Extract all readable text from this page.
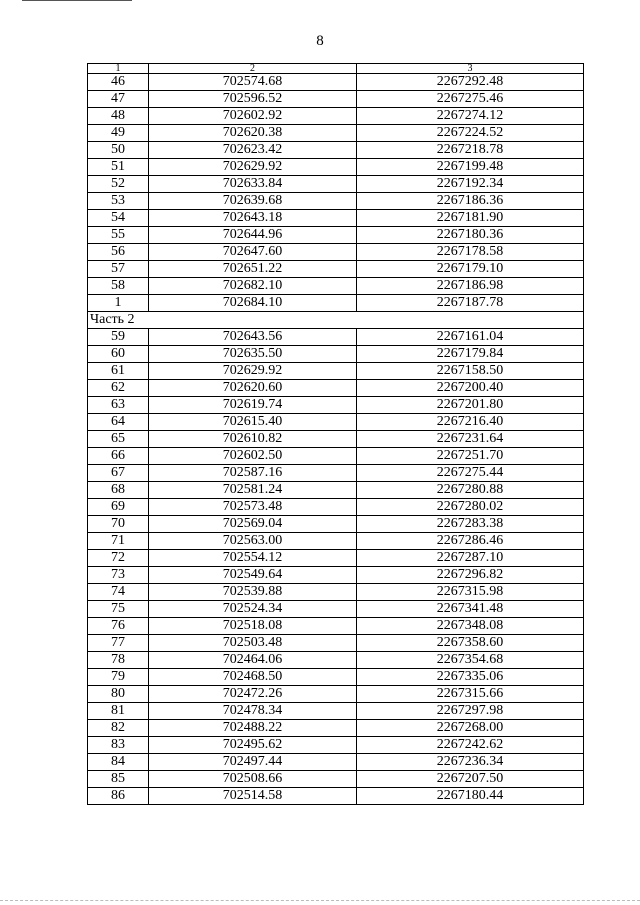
8
1	2	3
46	702574.68	2267292.48
47	702596.52	2267275.46
48	702602.92	2267274.12
49	702620.38	2267224.52
50	702623.42	2267218.78
51	702629.92	2267199.48
52	702633.84	2267192.34
53	702639.68	2267186.36
54	702643.18	2267181.90
55	702644.96	2267180.36
56	702647.60	2267178.58
57	702651.22	2267179.10
58	702682.10	2267186.98
1	702684.10	2267187.78
Часть 2		
59	702643.56	2267161.04
60	702635.50	2267179.84
61	702629.92	2267158.50
62	702620.60	2267200.40
63	702619.74	2267201.80
64	702615.40	2267216.40
65	702610.82	2267231.64
66	702602.50	2267251.70
67	702587.16	2267275.44
68	702581.24	2267280.88
69	702573.48	2267280.02
70	702569.04	2267283.38
71	702563.00	2267286.46
72	702554.12	2267287.10
73	702549.64	2267296.82
74	702539.88	2267315.98
75	702524.34	2267341.48
76	702518.08	2267348.08
77	702503.48	2267358.60
78	702464.06	2267354.68
79	702468.50	2267335.06
80	702472.26	2267315.66
81	702478.34	2267297.98
82	702488.22	2267268.00
83	702495.62	2267242.62
84	702497.44	2267236.34
85	702508.66	2267207.50
86	702514.58	2267180.44
